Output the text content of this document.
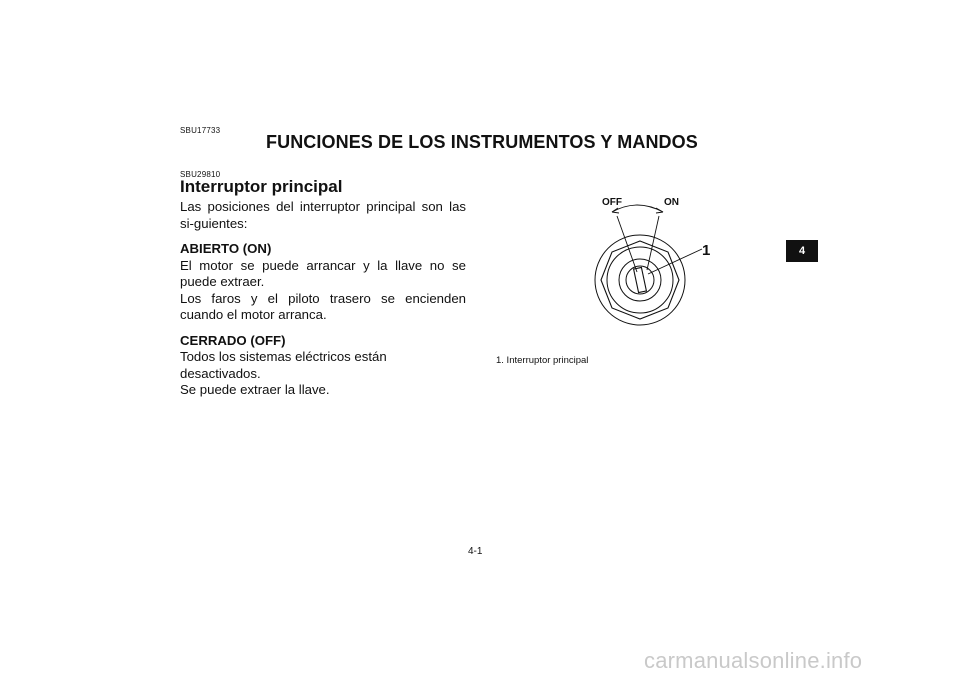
SBU17733
FUNCIONES DE LOS INSTRUMENTOS Y MANDOS
SBU29810
Interruptor principal

Las posiciones del interruptor principal son las si-guientes:

ABIERTO (ON)

El motor se puede arrancar y la llave no se puede extraer.

Los faros y el piloto trasero se encienden cuando el motor arranca.

CERRADO (OFF)

Todos los sistemas eléctricos están desactivados.

Se puede extraer la llave.

4
OFF	ON
1
1. Interruptor principal
4-1
carmanualsonline.info
